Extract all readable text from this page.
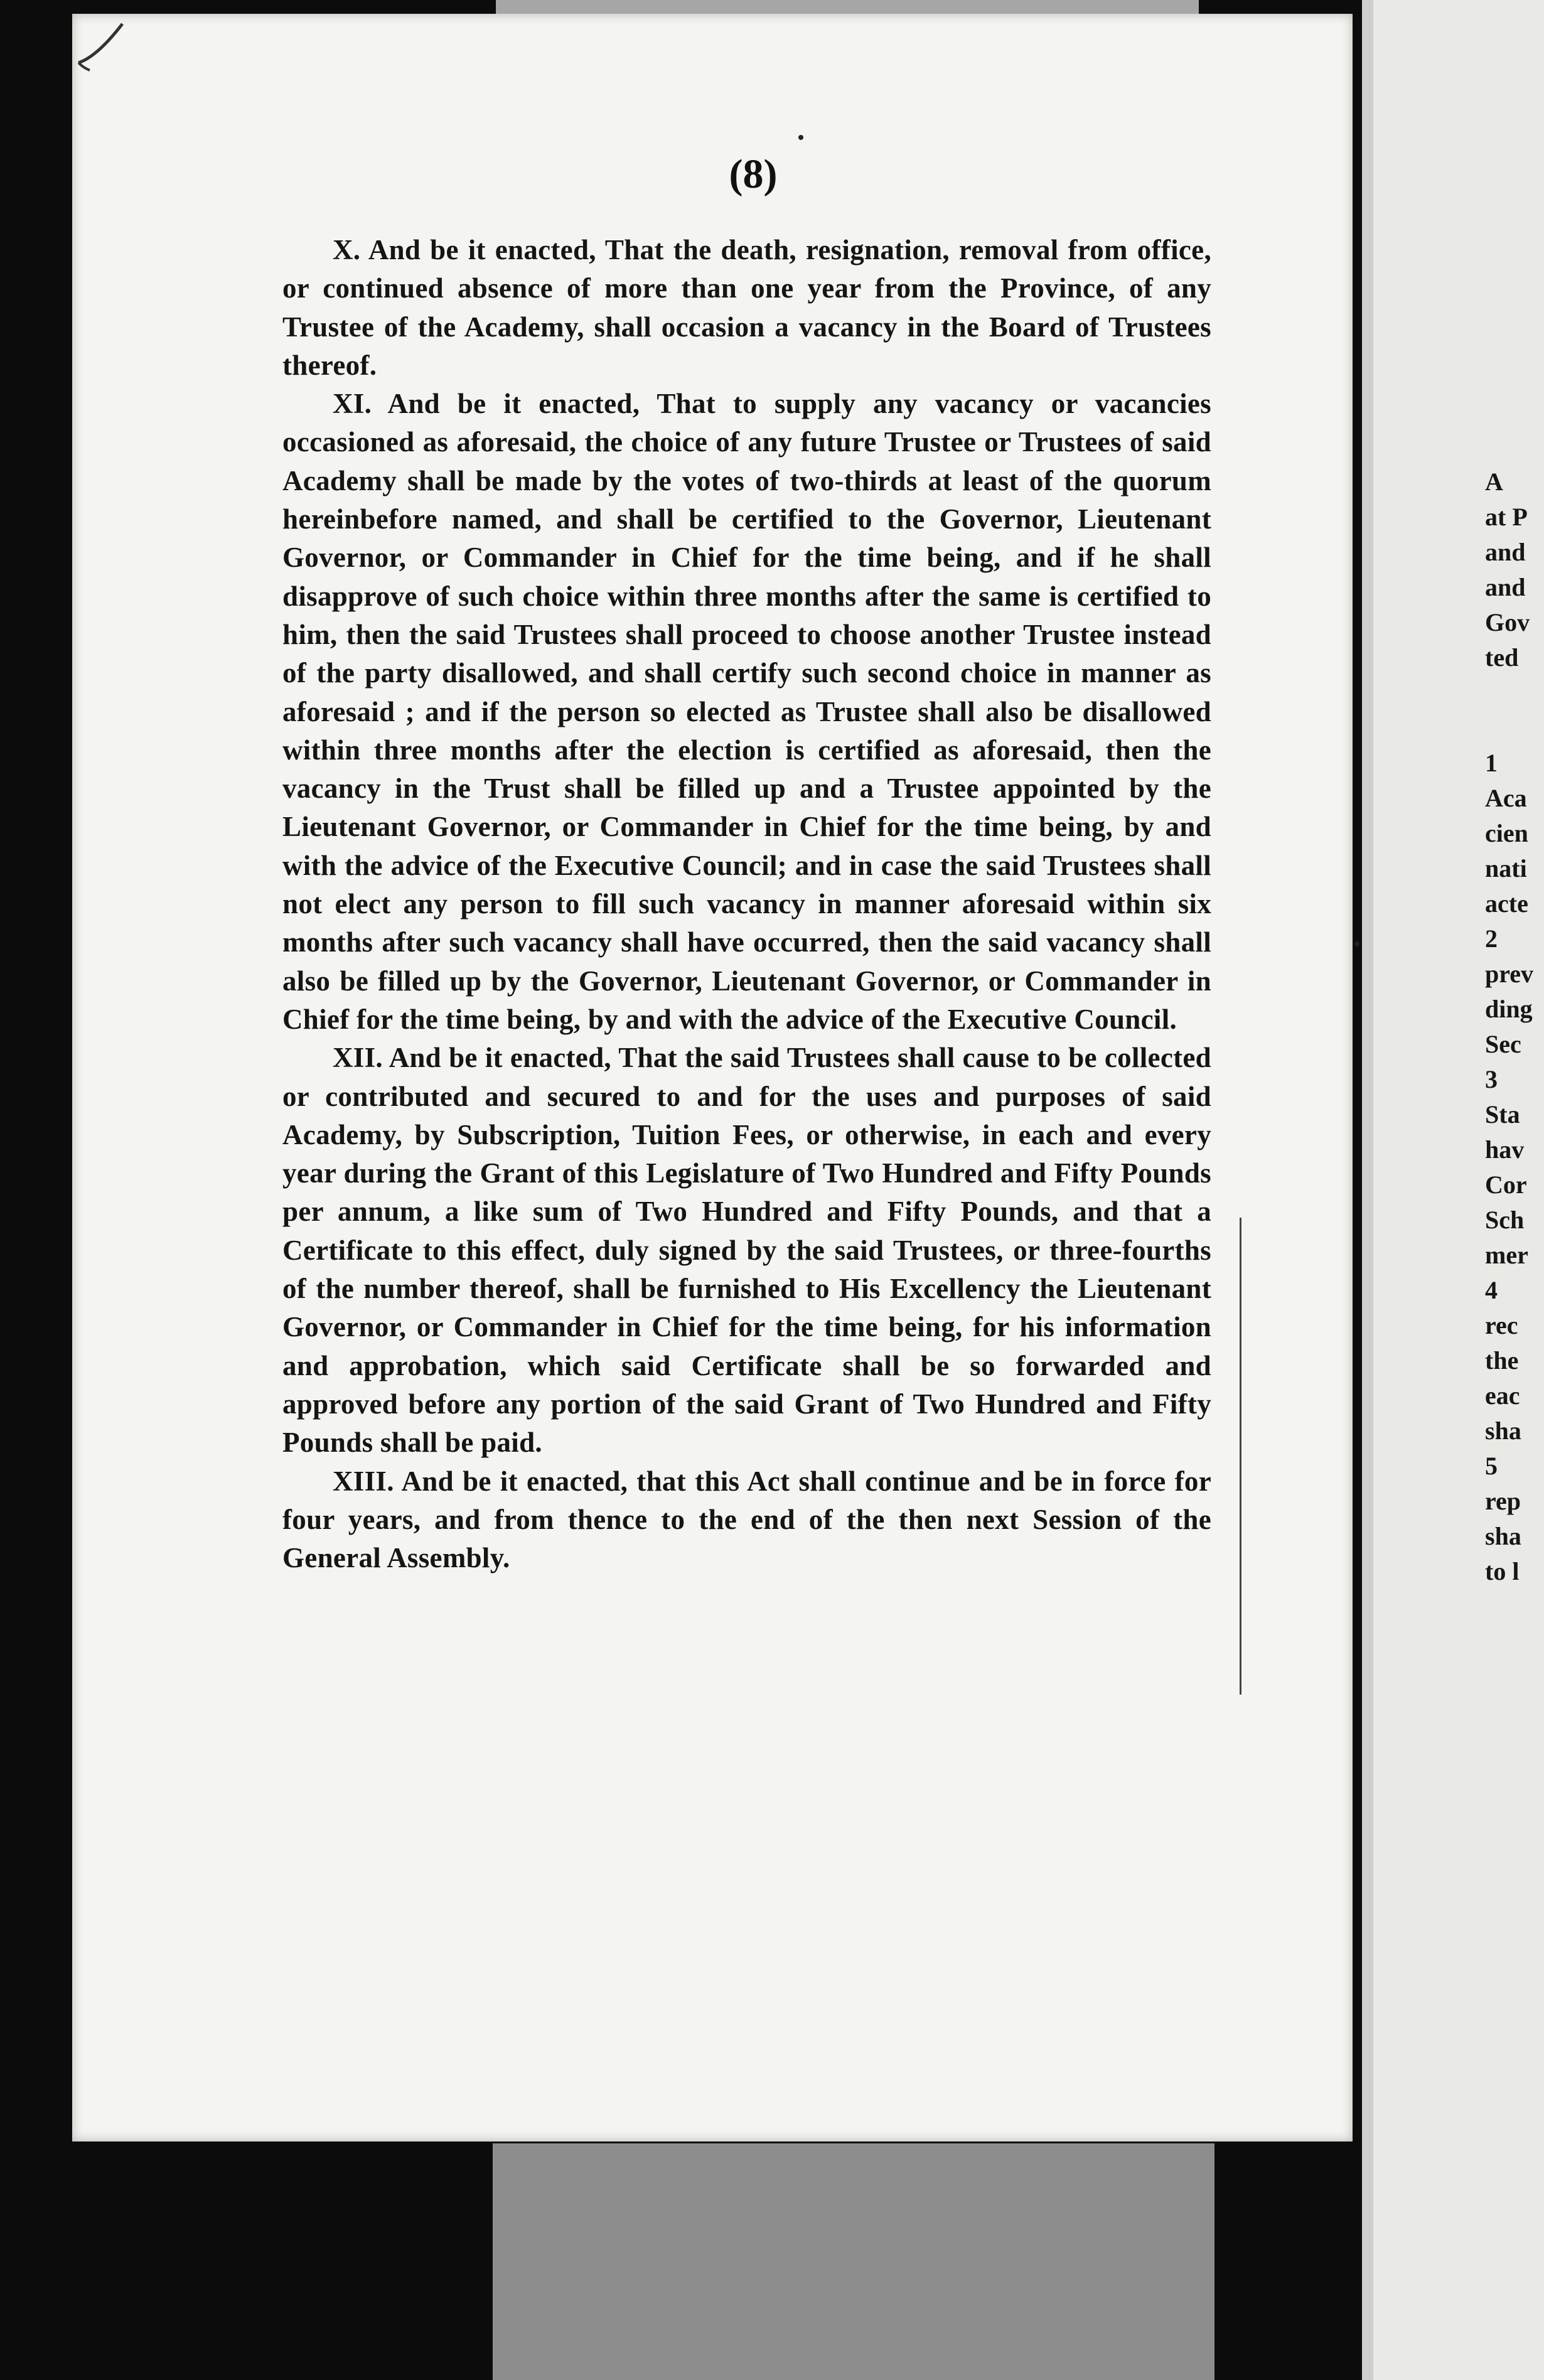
(8)

X. And be it enacted, That the death, resignation, removal from office, or continued absence of more than one year from the Province, of any Trustee of the Academy, shall occasion a vacancy in the Board of Trustees thereof.

XI. And be it enacted, That to supply any vacancy or vacancies occasioned as aforesaid, the choice of any future Trustee or Trustees of said Academy shall be made by the votes of two-thirds at least of the quorum hereinbefore named, and shall be certified to the Governor, Lieutenant Governor, or Commander in Chief for the time being, and if he shall disapprove of such choice within three months after the same is certified to him, then the said Trustees shall proceed to choose another Trustee instead of the party disallowed, and shall certify such second choice in manner as aforesaid ; and if the person so elected as Trustee shall also be disallowed within three months after the election is certified as aforesaid, then the vacancy in the Trust shall be filled up and a Trustee appointed by the Lieutenant Governor, or Commander in Chief for the time being, by and with the advice of the Executive Council; and in case the said Trustees shall not elect any person to fill such vacancy in manner aforesaid within six months after such vacancy shall have occurred, then the said vacancy shall also be filled up by the Governor, Lieutenant Governor, or Commander in Chief for the time being, by and with the advice of the Executive Council.

XII. And be it enacted, That the said Trustees shall cause to be collected or contributed and secured to and for the uses and purposes of said Academy, by Subscription, Tuition Fees, or otherwise, in each and every year during the Grant of this Legislature of Two Hundred and Fifty Pounds per annum, a like sum of Two Hundred and Fifty Pounds, and that a Certificate to this effect, duly signed by the said Trustees, or three-fourths of the number thereof, shall be furnished to His Excellency the Lieutenant Governor, or Commander in Chief for the time being, for his information and approbation, which said Certificate shall be so forwarded and approved before any portion of the said Grant of Two Hundred and Fifty Pounds shall be paid.

XIII. And be it enacted, that this Act shall continue and be in force for four years, and from thence to the end of the then next Session of the General Assembly.

A
at P
and
and
Gov
ted
1
Aca
cien
nati
acte
2
prev
ding
Sec
3
Sta
hav
Cor
Sch
mer
4
rec
the
eac
sha
5
rep
sha
to l
